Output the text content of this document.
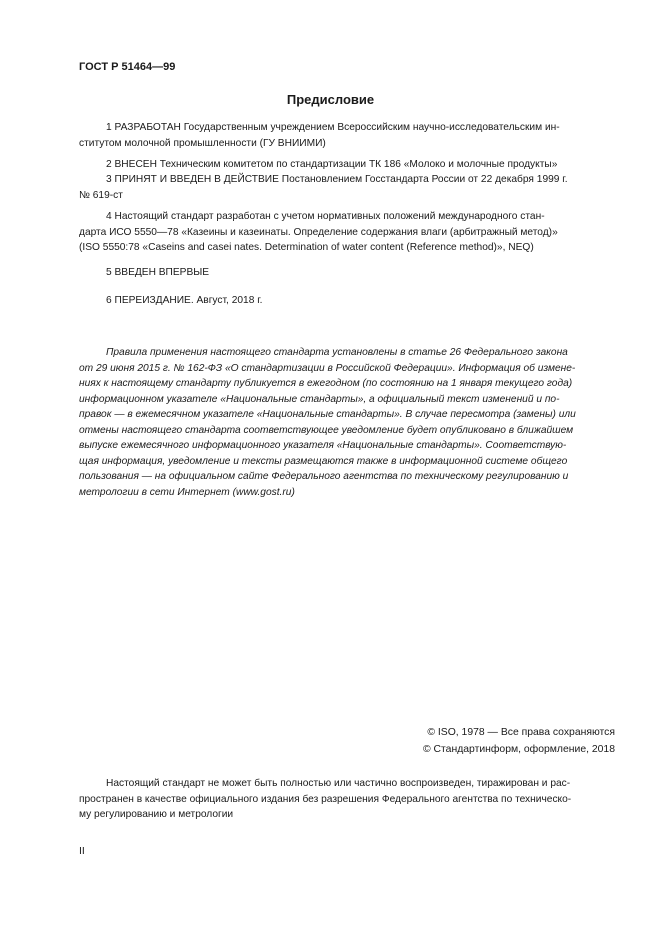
ГОСТ Р 51464—99
Предисловие

1 РАЗРАБОТАН Государственным учреждением Всероссийским научно-исследовательским ин-

ститутом молочной промышленности (ГУ ВНИИМИ)

2 ВНЕСЕН Техническим комитетом по стандартизации ТК 186 «Молоко и молочные продукты»

3 ПРИНЯТ И ВВЕДЕН В ДЕЙСТВИЕ Постановлением Госстандарта России от 22 декабря 1999 г.

№ 619-ст

4 Настоящий стандарт разработан с учетом нормативных положений международного стан-

дарта ИСО 5550—78 «Казеины и казеинаты. Определение содержания влаги (арбитражный метод)»

(ISO 5550:78 «Caseins and casei nates. Determination of water content (Reference method)», NEQ)

5 ВВЕДЕН ВПЕРВЫЕ

6 ПЕРЕИЗДАНИЕ. Август, 2018 г.

Правила применения настоящего стандарта установлены в статье 26 Федерального закона
от 29 июня 2015 г. № 162-ФЗ «О стандартизации в Российской Федерации». Информация об измене-
ниях к настоящему стандарту публикуется в ежегодном (по состоянию на 1 января текущего года)
информационном указателе «Национальные стандарты», а официальный текст изменений и по-
правок — в ежемесячном указателе «Национальные стандарты». В случае пересмотра (замены) или
отмены настоящего стандарта соответствующее уведомление будет опубликовано в ближайшем
выпуске ежемесячного информационного указателя «Национальные стандарты». Соответствую-
щая информация, уведомление и тексты размещаются также в информационной системе общего
пользования — на официальном сайте Федерального агентства по техническому регулированию и
метрологии в сети Интернет (www.gost.ru)
© ISO, 1978 — Все права сохраняются
© Стандартинформ, оформление, 2018
Настоящий стандарт не может быть полностью или частично воспроизведен, тиражирован и рас-
пространен в качестве официального издания без разрешения Федерального агентства по техническо-
му регулированию и метрологии
II
